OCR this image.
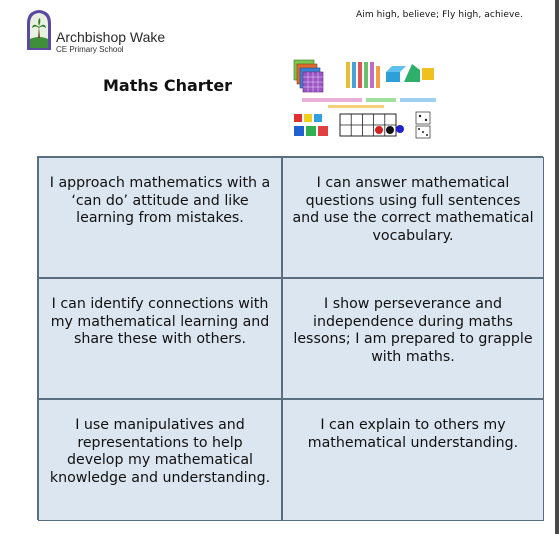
Aim high, believe; Fly high, achieve.
Archbishop Wake
CE Primary School
Maths Charter
I approach mathematics with a ‘can do’ attitude and like learning from mistakes.
I can answer mathematical questions using full sentences and use the correct mathematical vocabulary.
I can identify connections with my mathematical learning and share these with others.
I show perseverance and independence during maths lessons; I am prepared to grapple with maths.
I use manipulatives and representations to help develop my mathematical knowledge and understanding.
I can explain to others my mathematical understanding.
